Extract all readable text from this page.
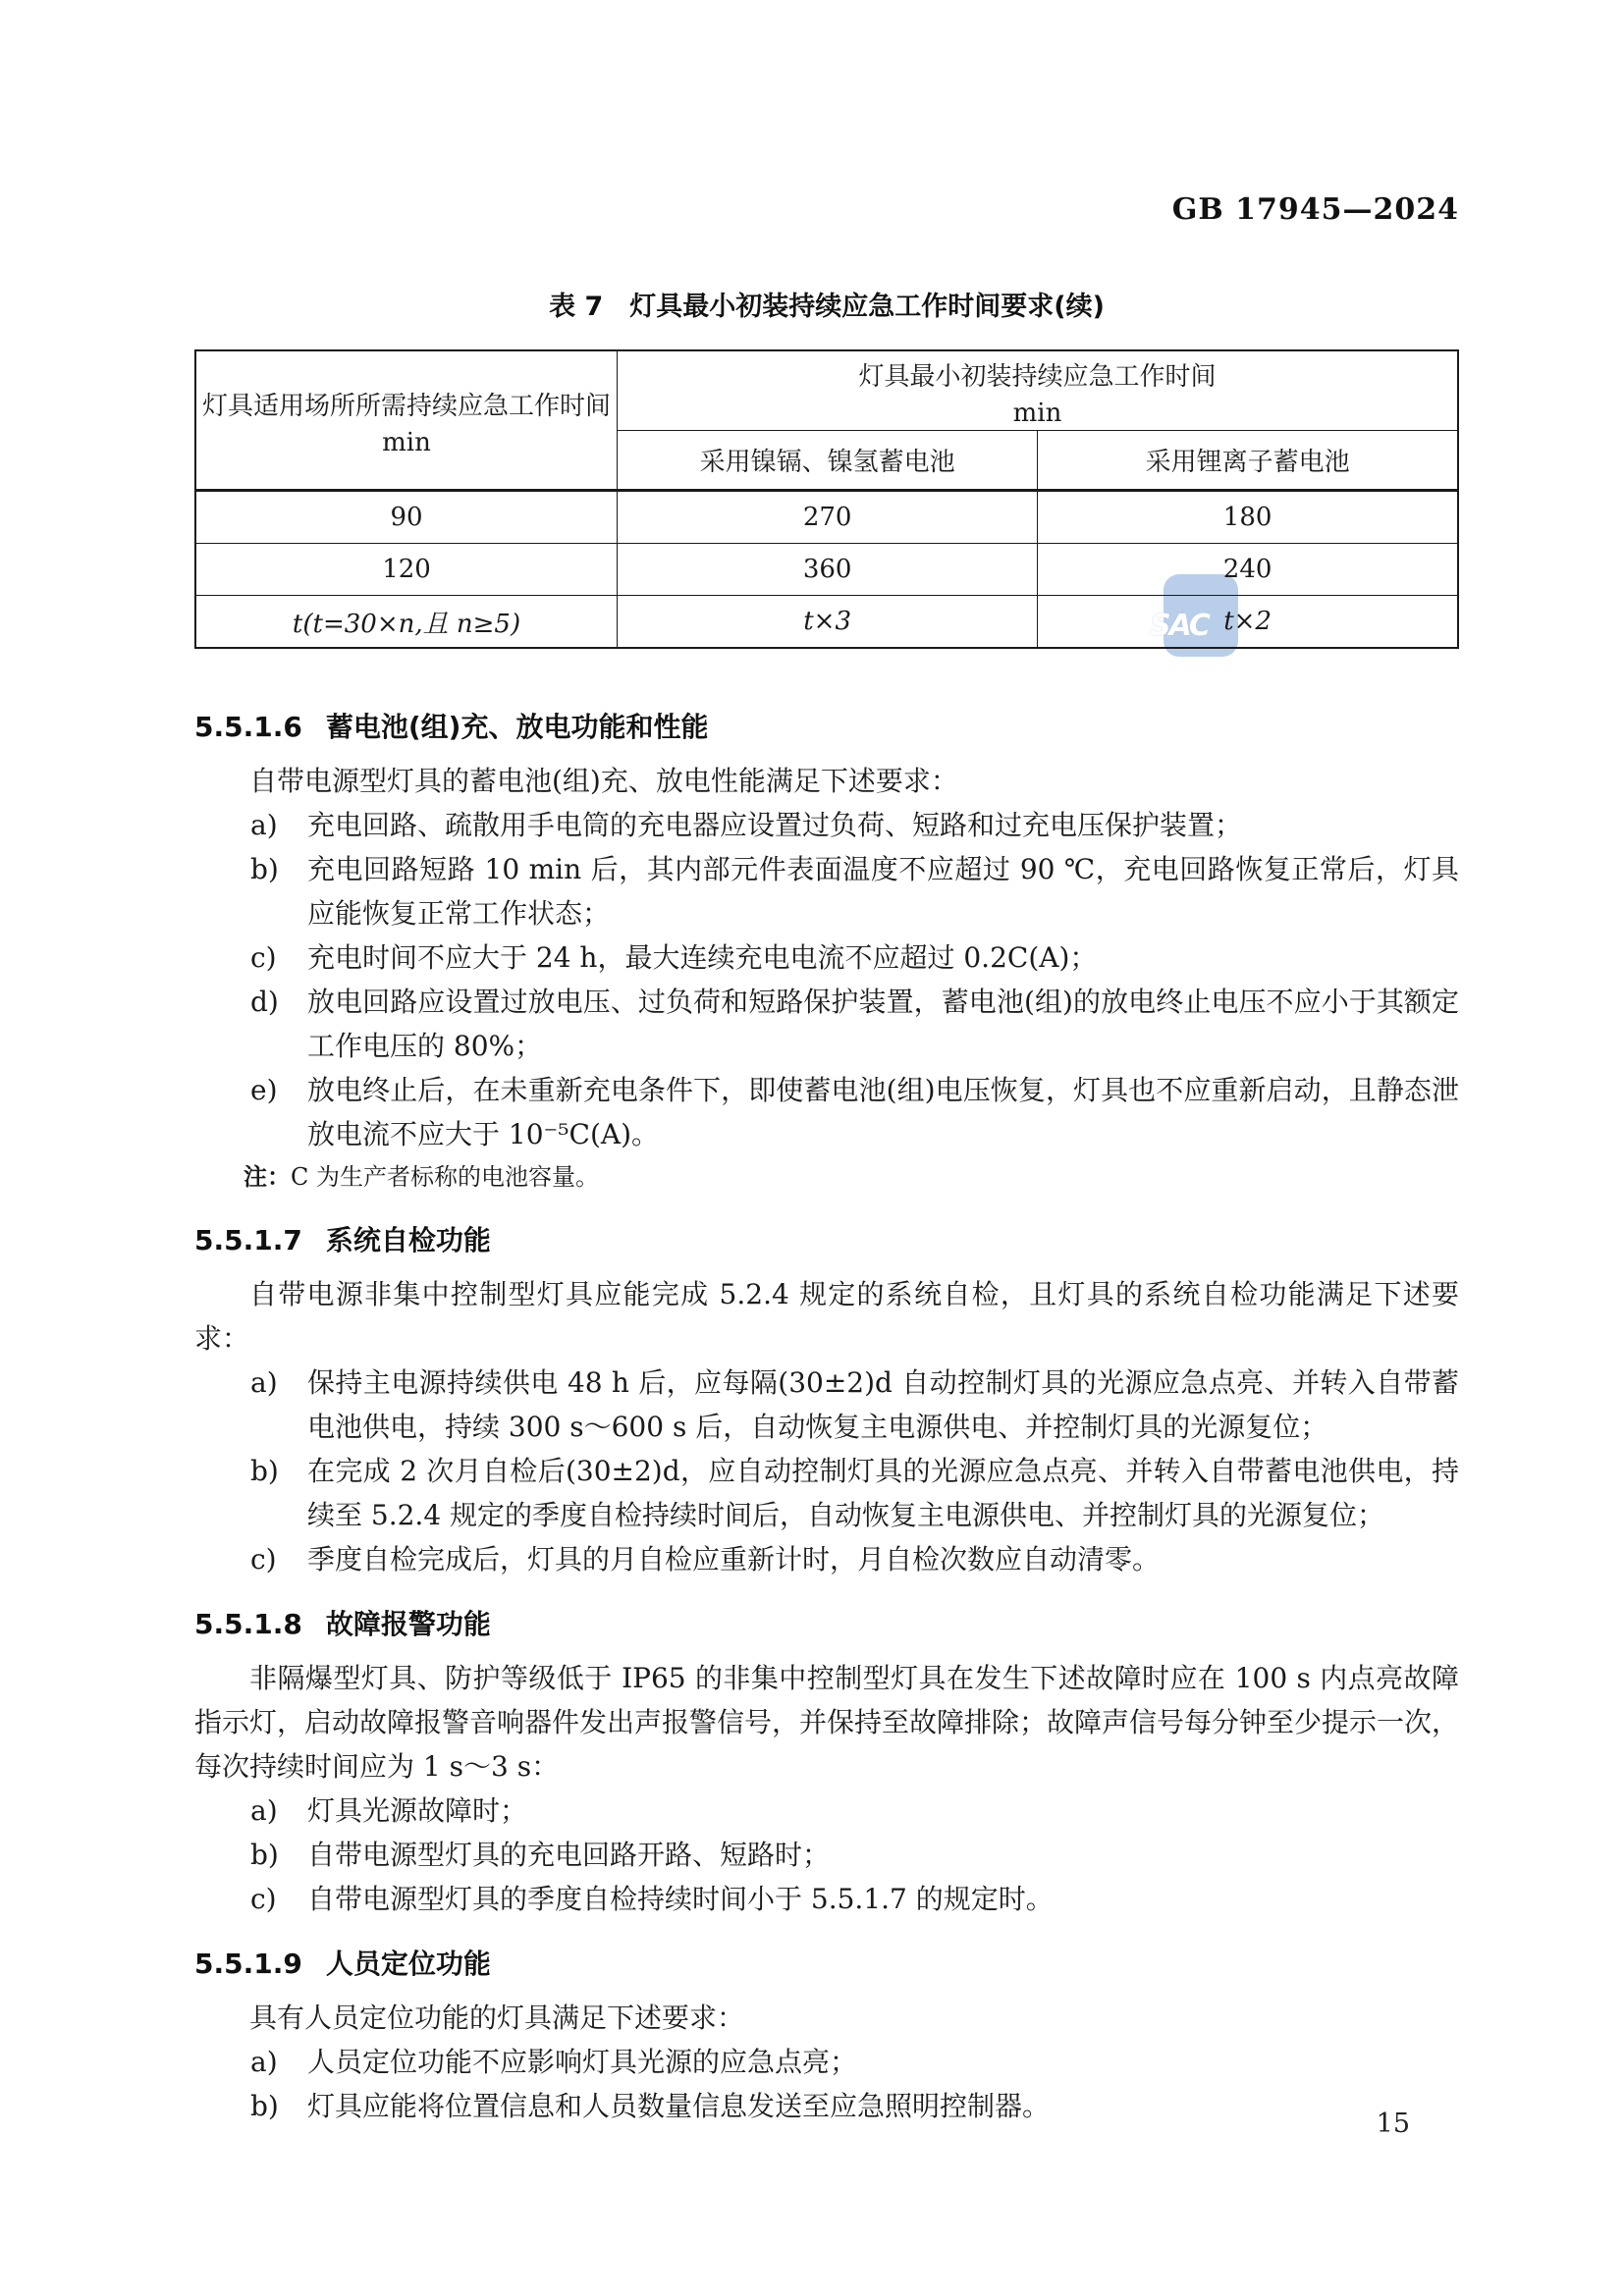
GB 17945—2024
表 7　灯具最小初装持续应急工作时间要求(续)
SAC
灯具适用场所所需持续应急工作时间
min

灯具最小初装持续应急工作时间
min

	采用镍镉、镍氢蓄电池	采用锂离子蓄电池
90	270	180
120	360	240
t(t=30×n,且 n≥5)	t×3	t×2
5.5.1.6 蓄电池(组)充、放电功能和性能
自带电源型灯具的蓄电池(组)充、放电性能满足下述要求：
a)	充电回路、疏散用手电筒的充电器应设置过负荷、短路和过充电压保护装置；
b)	充电回路短路 10 min 后，其内部元件表面温度不应超过 90 ℃，充电回路恢复正常后，灯具应能恢复正常工作状态；
c)	充电时间不应大于 24 h，最大连续充电电流不应超过 0.2C(A)；
d)	放电回路应设置过放电压、过负荷和短路保护装置，蓄电池(组)的放电终止电压不应小于其额定工作电压的 80%；
e)	放电终止后，在未重新充电条件下，即使蓄电池(组)电压恢复，灯具也不应重新启动，且静态泄放电流不应大于 10⁻⁵C(A)。
注：C 为生产者标称的电池容量。
5.5.1.7 系统自检功能
自带电源非集中控制型灯具应能完成 5.2.4 规定的系统自检，且灯具的系统自检功能满足下述要求：
a)	保持主电源持续供电 48 h 后，应每隔(30±2)d 自动控制灯具的光源应急点亮、并转入自带蓄电池供电，持续 300 s～600 s 后，自动恢复主电源供电、并控制灯具的光源复位；
b)	在完成 2 次月自检后(30±2)d，应自动控制灯具的光源应急点亮、并转入自带蓄电池供电，持续至 5.2.4 规定的季度自检持续时间后，自动恢复主电源供电、并控制灯具的光源复位；
c)	季度自检完成后，灯具的月自检应重新计时，月自检次数应自动清零。
5.5.1.8 故障报警功能
非隔爆型灯具、防护等级低于 IP65 的非集中控制型灯具在发生下述故障时应在 100 s 内点亮故障指示灯，启动故障报警音响器件发出声报警信号，并保持至故障排除；故障声信号每分钟至少提示一次，每次持续时间应为 1 s～3 s：
a)	灯具光源故障时；
b)	自带电源型灯具的充电回路开路、短路时；
c)	自带电源型灯具的季度自检持续时间小于 5.5.1.7 的规定时。
5.5.1.9 人员定位功能
具有人员定位功能的灯具满足下述要求：
a)	人员定位功能不应影响灯具光源的应急点亮；
b)	灯具应能将位置信息和人员数量信息发送至应急照明控制器。
15
